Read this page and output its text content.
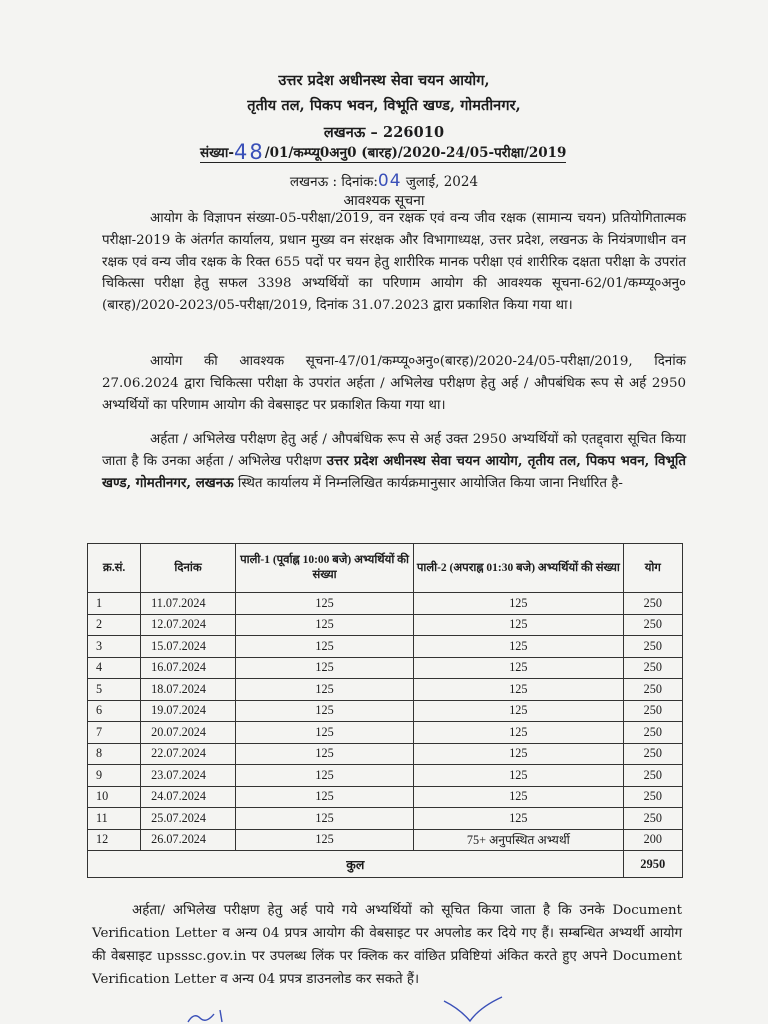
उत्तर प्रदेश अधीनस्थ सेवा चयन आयोग,
तृतीय तल, पिकप भवन, विभूति खण्ड, गोमतीनगर,
लखनऊ – 226010
संख्या-48/01/कम्प्यू0अनु0 (बारह)/2020-24/05-परीक्षा/2019
लखनऊ : दिनांक:04 जुलाई, 2024
आवश्यक सूचना
आयोग के विज्ञापन संख्या-05-परीक्षा/2019, वन रक्षक एवं वन्य जीव रक्षक (सामान्य चयन) प्रतियोगितात्मक परीक्षा-2019 के अंतर्गत कार्यालय, प्रधान मुख्य वन संरक्षक और विभागाध्यक्ष, उत्तर प्रदेश, लखनऊ के नियंत्रणाधीन वन रक्षक एवं वन्य जीव रक्षक के रिक्त 655 पदों पर चयन हेतु शारीरिक मानक परीक्षा एवं शारीरिक दक्षता परीक्षा के उपरांत चिकित्सा परीक्षा हेतु सफल 3398 अभ्यर्थियों का परिणाम आयोग की आवश्यक सूचना-62/01/कम्प्यू०अनु० (बारह)/2020-2023/05-परीक्षा/2019, दिनांक 31.07.2023 द्वारा प्रकाशित किया गया था।
आयोग की आवश्यक सूचना-47/01/कम्प्यू०अनु०(बारह)/2020-24/05-परीक्षा/2019, दिनांक 27.06.2024 द्वारा चिकित्सा परीक्षा के उपरांत अर्हता / अभिलेख परीक्षण हेतु अर्ह / औपबंधिक रूप से अर्ह 2950 अभ्यर्थियों का परिणाम आयोग की वेबसाइट पर प्रकाशित किया गया था।
अर्हता / अभिलेख परीक्षण हेतु अर्ह / औपबंधिक रूप से अर्ह उक्त 2950 अभ्यर्थियों को एतद्द्वारा सूचित किया जाता है कि उनका अर्हता / अभिलेख परीक्षण उत्तर प्रदेश अधीनस्थ सेवा चयन आयोग, तृतीय तल, पिकप भवन, विभूति खण्ड, गोमतीनगर, लखनऊ स्थित कार्यालय में निम्नलिखित कार्यक्रमानुसार आयोजित किया जाना निर्धारित है-
क्र.सं.	दिनांक	पाली-1 (पूर्वाह्न 10:00 बजे) अभ्यर्थियों की संख्या	पाली-2 (अपराह्न 01:30 बजे) अभ्यर्थियों की संख्या	योग
1	11.07.2024	125	125	250
2	12.07.2024	125	125	250
3	15.07.2024	125	125	250
4	16.07.2024	125	125	250
5	18.07.2024	125	125	250
6	19.07.2024	125	125	250
7	20.07.2024	125	125	250
8	22.07.2024	125	125	250
9	23.07.2024	125	125	250
10	24.07.2024	125	125	250
11	25.07.2024	125	125	250
12	26.07.2024	125	75+ अनुपस्थित अभ्यर्थी	200
कुल				2950
अर्हता/ अभिलेख परीक्षण हेतु अर्ह पाये गये अभ्यर्थियों को सूचित किया जाता है कि उनके Document Verification Letter व अन्य 04 प्रपत्र आयोग की वेबसाइट पर अपलोड कर दिये गए हैं। सम्बन्धित अभ्यर्थी आयोग की वेबसाइट upsssc.gov.in पर उपलब्ध लिंक पर क्लिक कर वांछित प्रविष्टियां अंकित करते हुए अपने Document Verification Letter व अन्य 04 प्रपत्र डाउनलोड कर सकते हैं।
